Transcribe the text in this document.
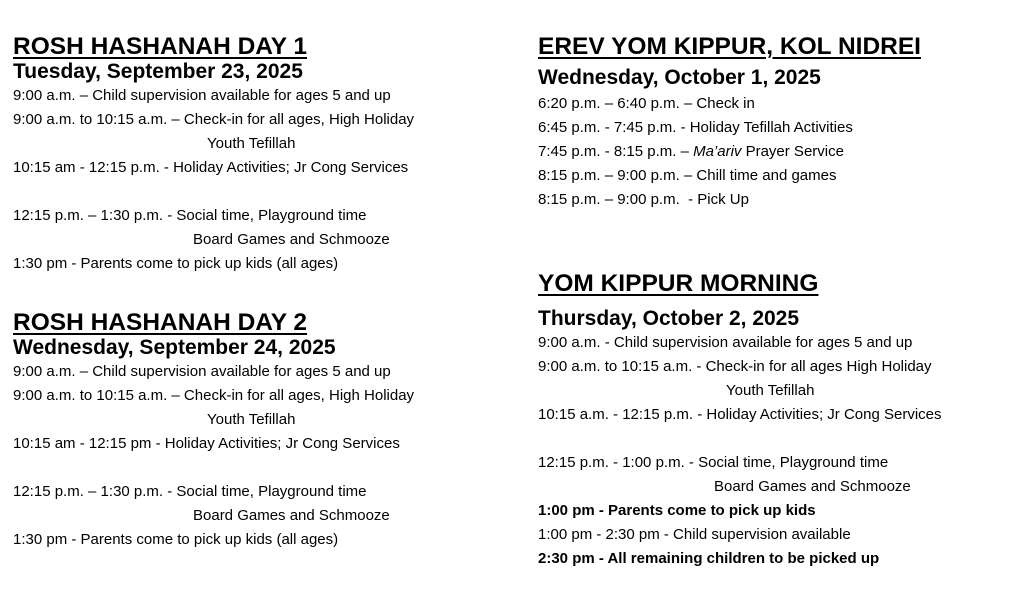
ROSH HASHANAH DAY 1
Tuesday, September 23, 2025
9:00 a.m. – Child supervision available for ages 5 and up
9:00 a.m. to 10:15 a.m. – Check-in for all ages, High Holiday
Youth Tefillah
10:15 am - 12:15 p.m. - Holiday Activities; Jr Cong Services
12:15 p.m. – 1:30 p.m. - Social time, Playground time
Board Games and Schmooze
1:30 pm - Parents come to pick up kids (all ages)
ROSH HASHANAH DAY 2
Wednesday, September 24, 2025
9:00 a.m. – Child supervision available for ages 5 and up
9:00 a.m. to 10:15 a.m. – Check-in for all ages, High Holiday
Youth Tefillah
10:15 am - 12:15 pm - Holiday Activities; Jr Cong Services
12:15 p.m. – 1:30 p.m. - Social time, Playground time
Board Games and Schmooze
1:30 pm - Parents come to pick up kids (all ages)
EREV YOM KIPPUR, KOL NIDREI
Wednesday, October 1, 2025
6:20 p.m. – 6:40 p.m. – Check in
6:45 p.m. - 7:45 p.m. - Holiday Tefillah Activities
7:45 p.m. - 8:15 p.m. – Ma’ariv Prayer Service
8:15 p.m. – 9:00 p.m. – Chill time and games
8:15 p.m. – 9:00 p.m.  - Pick Up
YOM KIPPUR MORNING
Thursday, October 2, 2025
9:00 a.m. - Child supervision available for ages 5 and up
9:00 a.m. to 10:15 a.m. - Check-in for all ages High Holiday
Youth Tefillah
10:15 a.m. - 12:15 p.m. - Holiday Activities; Jr Cong Services
12:15 p.m. - 1:00 p.m. - Social time, Playground time
Board Games and Schmooze
1:00 pm - Parents come to pick up kids
1:00 pm - 2:30 pm - Child supervision available
2:30 pm - All remaining children to be picked up
